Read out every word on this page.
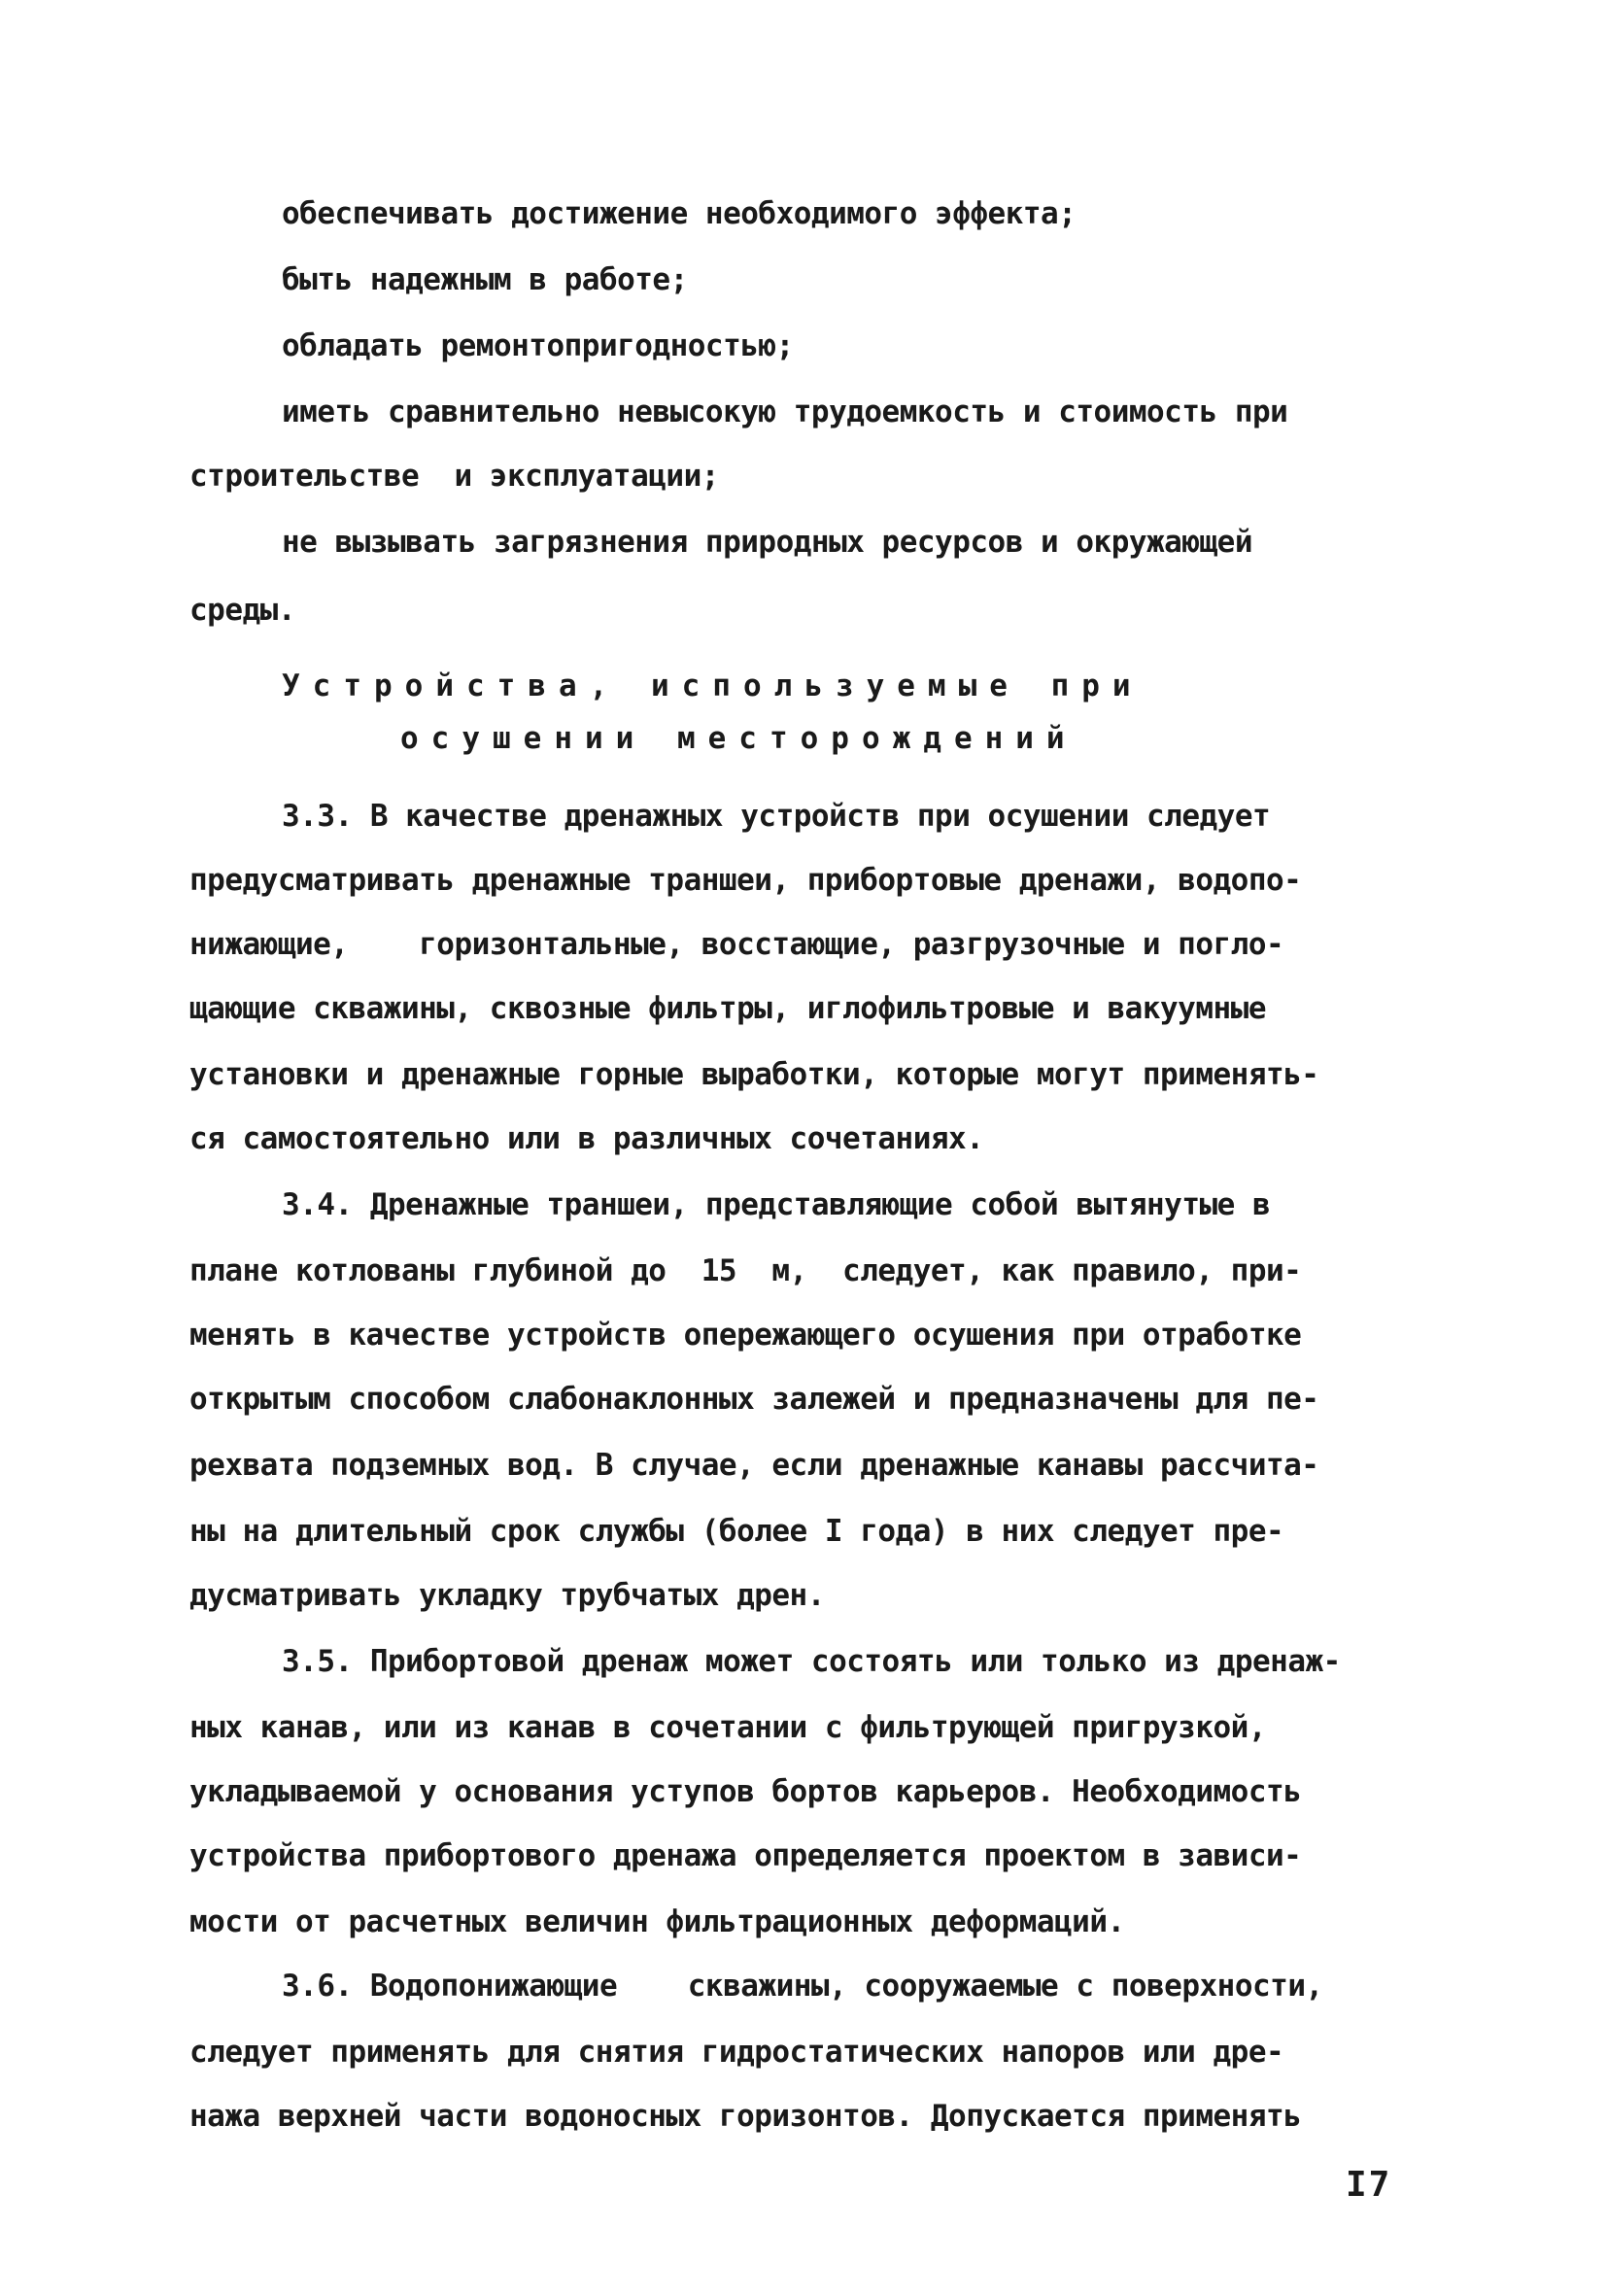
обеспечивать достижение необходимого эффекта;
быть надежным в работе;
обладать ремонтопригодностью;
иметь сравнительно невысокую трудоемкость и стоимость при
строительстве  и эксплуатации;
не вызывать загрязнения природных ресурсов и окружающей
среды.
Устройства, используемые при
осушении месторождений
3.3. В качестве дренажных устройств при осушении следует
предусматривать дренажные траншеи, прибортовые дренажи, водопо-
нижающие,    горизонтальные, восстающие, разгрузочные и погло-
щающие скважины, сквозные фильтры, иглофильтровые и вакуумные
установки и дренажные горные выработки, которые могут применять-
ся самостоятельно или в различных сочетаниях.
3.4. Дренажные траншеи, представляющие собой вытянутые в
плане котлованы глубиной до  15  м,  следует, как правило, при-
менять в качестве устройств опережающего осушения при отработке
открытым способом слабонаклонных залежей и предназначены для пе-
рехвата подземных вод. В случае, если дренажные канавы рассчита-
ны на длительный срок службы (более I года) в них следует пре-
дусматривать укладку трубчатых дрен.
3.5. Прибортовой дренаж может состоять или только из дренаж-
ных канав, или из канав в сочетании с фильтрующей пригрузкой,
укладываемой у основания уступов бортов карьеров. Необходимость
устройства прибортового дренажа определяется проектом в зависи-
мости от расчетных величин фильтрационных деформаций.
3.6. Водопонижающие    скважины, сооружаемые с поверхности,
следует применять для снятия гидростатических напоров или дре-
нажа верхней части водоносных горизонтов. Допускается применять
I7
